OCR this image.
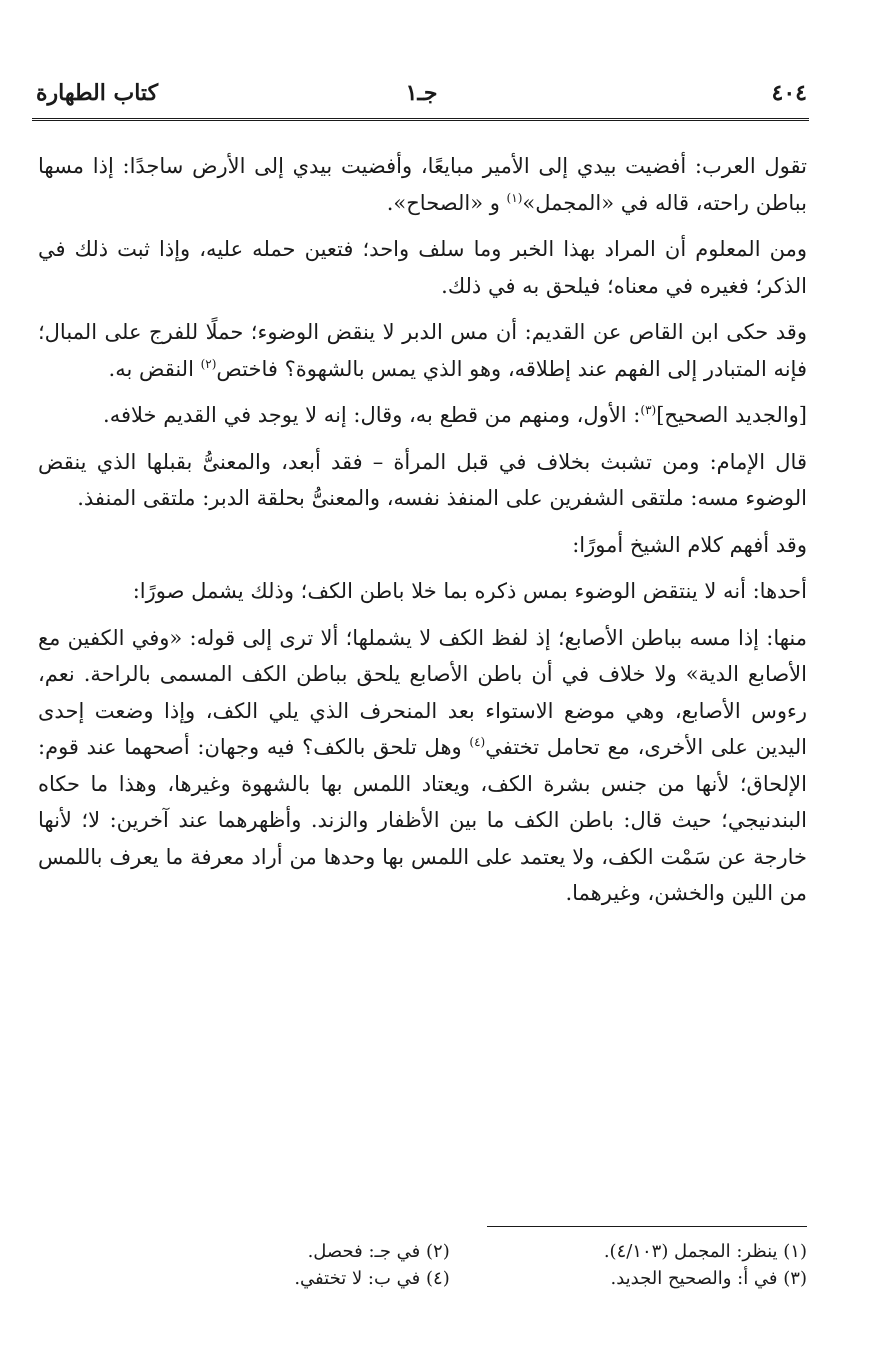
٤٠٤
جـ١
كتاب الطهارة

تقول العرب: أفضيت بيدي إلى الأمير مبايعًا، وأفضيت بيدي إلى الأرض ساجدًا: إذا مسها بباطن راحته، قاله في «المجمل»$^{(١)}$ و «الصحاح».

ومن المعلوم أن المراد بهذا الخبر وما سلف واحد؛ فتعين حمله عليه، وإذا ثبت ذلك في الذكر؛ فغيره في معناه؛ فيلحق به في ذلك.

وقد حكى ابن القاص عن القديم: أن مس الدبر لا ينقض الوضوء؛ حملًا للفرج على المبال؛ فإنه المتبادر إلى الفهم عند إطلاقه، وهو الذي يمس بالشهوة؟ فاختص$^{(٢)}$ النقض به.

[والجديد الصحيح]$^{(٣)}$: الأول، ومنهم من قطع به، وقال: إنه لا يوجد في القديم خلافه.

قال الإمام: ومن تشبث بخلاف في قبل المرأة – فقد أبعد، والمعنىُّ بقبلها الذي ينقض الوضوء مسه: ملتقى الشفرين على المنفذ نفسه، والمعنىُّ بحلقة الدبر: ملتقى المنفذ.

وقد أفهم كلام الشيخ أمورًا:

أحدها: أنه لا ينتقض الوضوء بمس ذكره بما خلا باطن الكف؛ وذلك يشمل صورًا:

منها: إذا مسه بباطن الأصابع؛ إذ لفظ الكف لا يشملها؛ ألا ترى إلى قوله: «وفي الكفين مع الأصابع الدية» ولا خلاف في أن باطن الأصابع يلحق بباطن الكف المسمى بالراحة. نعم، رءوس الأصابع، وهي موضع الاستواء بعد المنحرف الذي يلي الكف، وإذا وضعت إحدى اليدين على الأخرى، مع تحامل تختفي$^{(٤)}$ وهل تلحق بالكف؟ فيه وجهان: أصحهما عند قوم: الإلحاق؛ لأنها من جنس بشرة الكف، ويعتاد اللمس بها بالشهوة وغيرها، وهذا ما حكاه البندنيجي؛ حيث قال: باطن الكف ما بين الأظفار والزند. وأظهرهما عند آخرين: لا؛ لأنها خارجة عن سَمْت الكف، ولا يعتمد على اللمس بها وحدها من أراد معرفة ما يعرف باللمس من اللين والخشن، وغيرهما.

(١) ينظر: المجمل (٤/١٠٣).
(٢) في جـ: فحصل.
(٣) في أ: والصحيح الجديد.
(٤) في ب: لا تختفي.
